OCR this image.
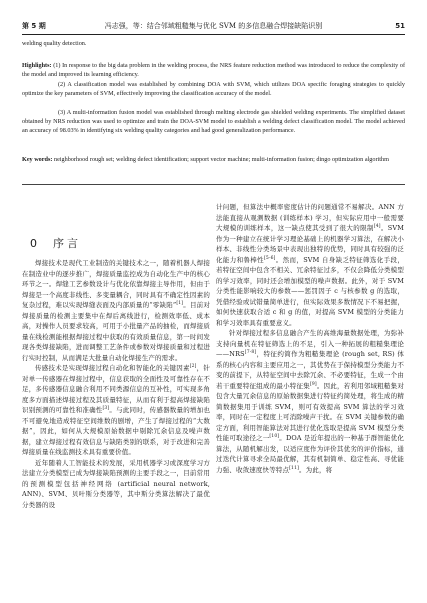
第 5 期	冯志强，等：结合邻域粗糙集与优化 SVM 的多信息融合焊接缺陷识别	51
welding quality detection.
Highlights: (1) In response to the big data problem in the welding process, the NRS feature reduction method was introduced to reduce the complexity of the model and improved its learning efficiency.
(2) A classification model was established by combining DOA with SVM, which utilizes DOA specific foraging strategies to quickly optimize the key parameters of SVM, effectively improving the classification accuracy of the model.
(3) A multi-information fusion model was established through melting electrode gas shielded welding experiments. The simplified dataset obtained by NRS reduction was used to optimize and train the DOA-SVM model to establish a welding defect classification model. The model achieved an accuracy of 98.03% in identifying six welding quality categories and had good generalization performance.
Key words: neighborhood rough set; welding defect identification; support vector machine; multi-information fusion; dingo optimization algorithm
0 序言

焊接技术是现代工业制造的关键技术之一，随着机器人焊接在制造业中的逐步推广，焊接质量监控成为自动化生产中的核心环节之一。焊缝工艺参数设计与优化依靠焊接主导作用，但由于焊接是一个高度非线性、多变量耦合，同时具有不确定性因素的复杂过程，难以实现焊缝表面及内部质量的“零缺陷”[1]。目前对焊接质量的检测主要集中在焊后离线进行，检测效率低、成本高，对操作人员要求较高，可用于小批量产品的抽检，而焊接质量在线检测能根据焊接过程中获取的有效质量信息，第一时间发现各类焊接缺陷，进而调整工艺条件或参数对焊接质量和过程进行实时控制，从而满足大批量自动化焊接生产的需求。

传感技术是实现焊接过程自动化和智能化的关键因素[2]，针对单一传感器在焊接过程中，信息获取的全面性及可靠性存在不足，多传感器信息融合利用不同类源信息的互补性，可实现多角度多方面描述焊接过程及其质量特征，从而有利于提高焊接缺陷识别预测的可靠性和准确性[3]。与此同时，传感器数量的增加也不可避免地造成特征空间维数的剧增，产生了焊接过程的“大数据”，因此，如何从大规模原始数据中剔除冗余信息及噪声数据，建立焊接过程有效信息与缺陷类别的联系，对于改进和完善焊接质量在线监测技术具有重要价值。

近年随着人工智能技术的发展，采用机器学习或深度学习方法建立分类模型已成为焊接缺陷预测的主要手段之一，目前常用的预测模型包括神经网络 (artificial neural network, ANN)、SVM、贝叶斯分类器等，其中斯分类算法解决了最优分类器的设

计问题，但算法中概率密度估计的问题通常不易解决。ANN 方法能直接从观测数据 (训练样本) 学习，但实际应用中一般需要大规模的训练样本，这一缺点使其受到了很大的限制[4]。SVM 作为一种建立在统计学习理论基础上的机器学习算法，在解决小样本、非线性分类场景中表现出独特的优势，同时具有较强的泛化能力和鲁棒性[5-6]。然而，SVM 自身缺乏特征筛选化手段，若特征空间中包含不相关、冗余特征过多，不仅会降低分类模型的学习效率，同时还会增加模型的噪声数据。此外，对于 SVM 分类性能影响较大的参数——惩罚因子 c 与核参数 g 的选取，凭借经验或试错量简单进行，但实际效果多数情况下不易把握，如何快速获取合适 c 和 g 的值，对提高 SVM 模型的分类能力和学习效率具有重要意义。

针对焊接过程多信息融合产生的高维海量数据处理，为弥补支持向量机在特征筛选上的不足，引入一种拓展的粗糙集理论——NRS[7-8]，特征约简作为粗糙集理论 (rough set, RS) 体系的核心内容和主要应用之一，其优势在于保持模型分类能力不变的前提下，从特征空间中去除冗余、不必要特征，生成一个由若干重要特征组成的最小特征集[9]。因此，若利用邻域粗糙集对包含大量冗余信息的原始数据集进行特征约简处理，将生成的精简数据集用于训练 SVM，则可有效提高 SVM 算法的学习效率，同时在一定程度上可消除噪声干扰。在 SVM 关键参数的确定方面，利用智能算法对其进行优化选取是提高 SVM 模型分类性能可取途径之一[10]。DOA 是近年提出的一种基于群智能优化算法，从随机解出发，以适应度作为评价其优劣的评价指标，通过迭代计算寻求全局最优解，其有机制简单、稳定性高、寻优能力强、收敛速度快等特点[11]。为此，将
